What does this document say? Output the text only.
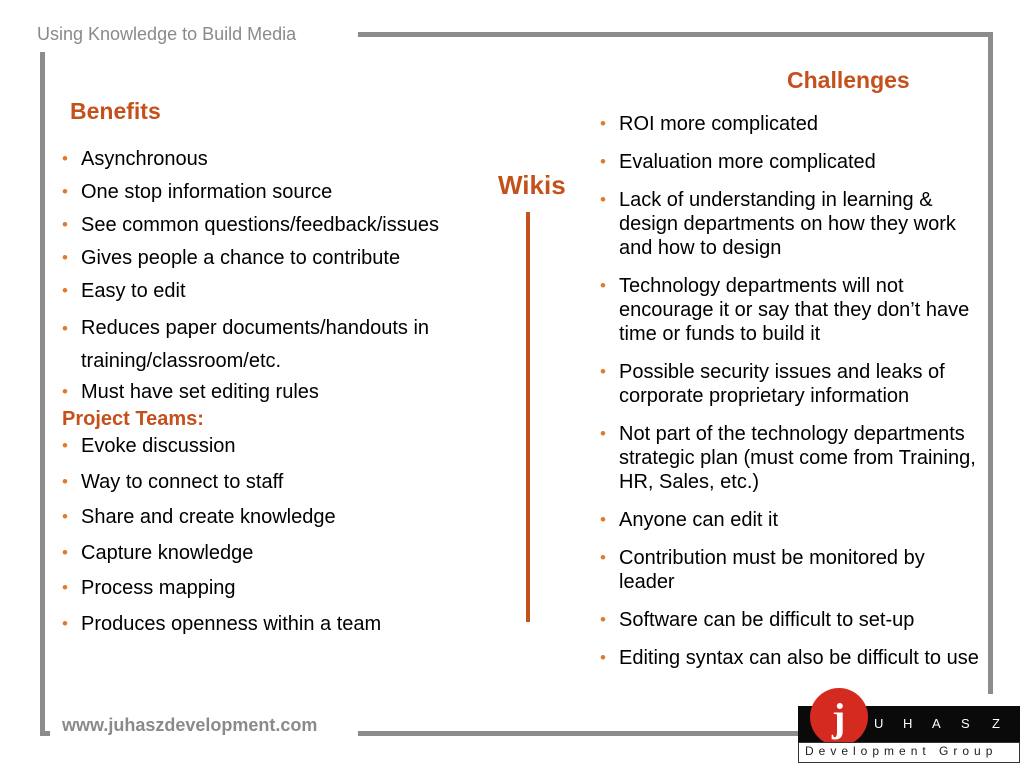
Using Knowledge to Build Media
Benefits
Challenges
Wikis
• Asynchronous
• One stop information source
• See common questions/feedback/issues
• Gives people a chance to contribute
• Easy to edit
• Reduces paper documents/handouts in training/classroom/etc.
• Must have set editing rules
Project Teams:
• Evoke discussion
• Way to connect to staff
• Share and create knowledge
• Capture knowledge
• Process mapping
• Produces openness within a team
• ROI more complicated
• Evaluation more complicated
• Lack of understanding in learning & design departments on how they work and how to design
• Technology departments will not encourage it or say that they don’t have time or funds to build it
• Possible security issues and leaks of corporate proprietary information
• Not part of the technology departments strategic plan (must come from Training, HR, Sales, etc.)
• Anyone can edit it
• Contribution must be monitored by leader
• Software can be difficult to set-up
• Editing syntax can also be difficult to use
www.juhaszdevelopment.com	U H A S Z
j
Development Group
